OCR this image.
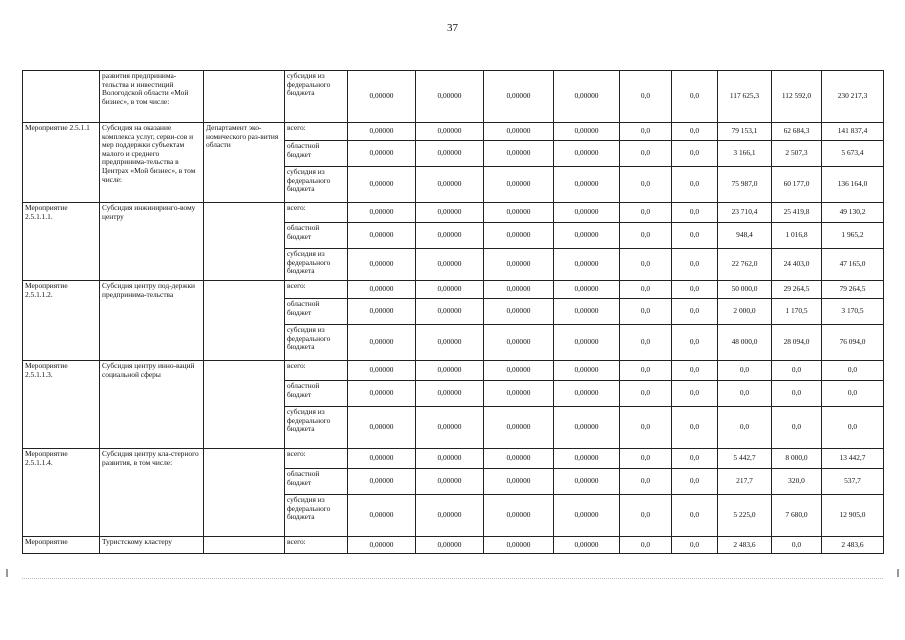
37
	развития предпринима-тельства и инвестиций Вологодской области «Мой бизнес», в том числе:		субсидия из федерального бюджета	0,00000	0,00000	0,00000	0,00000	0,0	0,0	117 625,3	112 592,0	230 217,3
Мероприятие 2.5.1.1	Субсидия на оказание комплекса услуг, серви-сов и мер поддержки субъектам малого и среднего предпринима-тельства в Центрах «Мой бизнес», в том числе:	Департамент эко-номического раз-вития области	всего:	0,00000	0,00000	0,00000	0,00000	0,0	0,0	79 153,1	62 684,3	141 837,4
			областной бюджет	0,00000	0,00000	0,00000	0,00000	0,0	0,0	3 166,1	2 507,3	5 673,4
			субсидия из федерального бюджета	0,00000	0,00000	0,00000	0,00000	0,0	0,0	75 987,0	60 177,0	136 164,0
Мероприятие 2.5.1.1.1.	Субсидия инжинирингo-вому центру		всего:	0,00000	0,00000	0,00000	0,00000	0,0	0,0	23 710,4	25 419,8	49 130,2
			областной бюджет	0,00000	0,00000	0,00000	0,00000	0,0	0,0	948,4	1 016,8	1 965,2
			субсидия из федерального бюджета	0,00000	0,00000	0,00000	0,00000	0,0	0,0	22 762,0	24 403,0	47 165,0
Мероприятие 2.5.1.1.2.	Субсидия центру под-держки предпринима-тельства		всего:	0,00000	0,00000	0,00000	0,00000	0,0	0,0	50 000,0	29 264,5	79 264,5
			областной бюджет	0,00000	0,00000	0,00000	0,00000	0,0	0,0	2 000,0	1 170,5	3 170,5
			субсидия из федерального бюджета	0,00000	0,00000	0,00000	0,00000	0,0	0,0	48 000,0	28 094,0	76 094,0
Мероприятие 2.5.1.1.3.	Субсидия центру инно-ваций социальной сферы		всего:	0,00000	0,00000	0,00000	0,00000	0,0	0,0	0,0	0,0	0,0
			областной бюджет	0,00000	0,00000	0,00000	0,00000	0,0	0,0	0,0	0,0	0,0
			субсидия из федерального бюджета	0,00000	0,00000	0,00000	0,00000	0,0	0,0	0,0	0,0	0,0
Мероприятие 2.5.1.1.4.	Субсидия центру кла-стерного развития, в том числе:		всего:	0,00000	0,00000	0,00000	0,00000	0,0	0,0	5 442,7	8 000,0	13 442,7
			областной бюджет	0,00000	0,00000	0,00000	0,00000	0,0	0,0	217,7	320,0	537,7
			субсидия из федерального бюджета	0,00000	0,00000	0,00000	0,00000	0,0	0,0	5 225,0	7 680,0	12 905,0
Мероприятие	Туристскому кластеру		всего:	0,00000	0,00000	0,00000	0,00000	0,0	0,0	2 483,6	0,0	2 483,6
